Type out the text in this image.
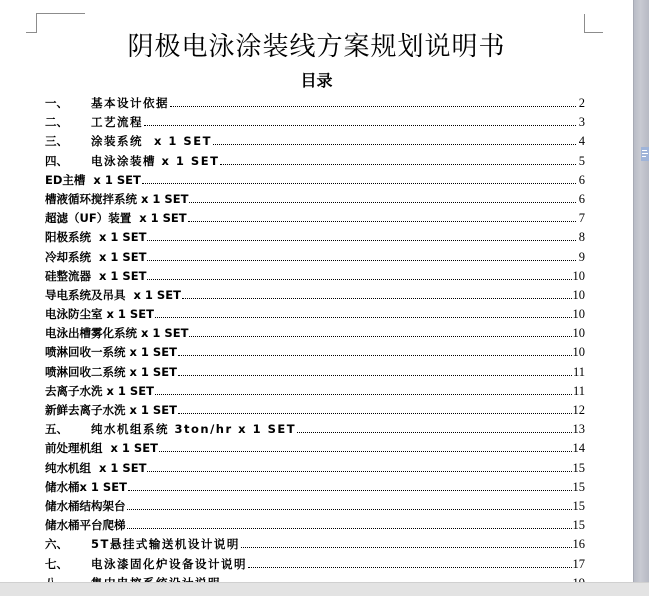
阴极电泳涂装线方案规划说明书
目录
一、 基本设计依据	2
二、 工艺流程	3
三、 涂装系统  x 1 SET	4
四、 电泳涂装槽 x 1 SET	5
ED主槽  x 1 SET	6
槽液循环搅拌系统 x 1 SET	6
超滤（UF）装置  x 1 SET	7
阳极系统  x 1 SET	8
冷却系统  x 1 SET	9
硅整流器  x 1 SET	10
导电系统及吊具  x 1 SET	10
电泳防尘室 x 1 SET	10
电泳出槽雾化系统 x 1 SET	10
喷淋回收一系统 x 1 SET	10
喷淋回收二系统 x 1 SET	11
去离子水洗 x 1 SET	11
新鲜去离子水洗 x 1 SET	12
五、 纯水机组系统 3ton/hr x 1 SET	13
前处理机组  x 1 SET	14
纯水机组  x 1 SET	15
储水桶x 1 SET	15
储水桶结构架台	15
储水桶平台爬梯	15
六、 5T悬挂式输送机设计说明	16
七、 电泳漆固化炉设备设计说明	17
